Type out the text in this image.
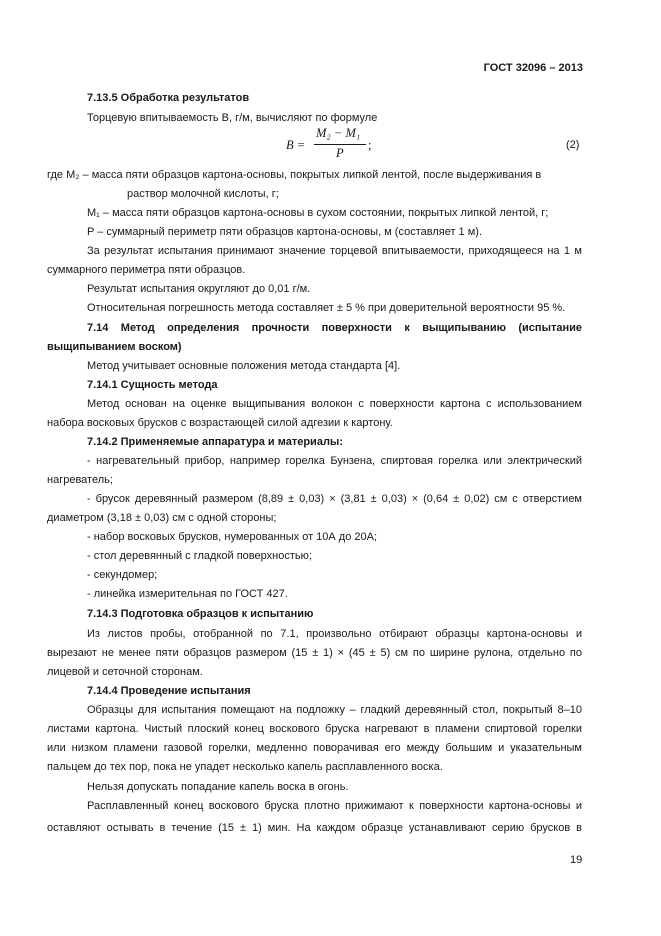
ГОСТ 32096 – 2013
7.13.5 Обработка результатов
Торцевую впитываемость В, г/м, вычисляют по формуле
B =
M₂ − M₁
P
;	(2)
где M₂ – масса пяти образцов картона-основы, покрытых липкой лентой, после выдерживания в
раствор молочной кислоты, г;
M₁ – масса пяти образцов картона-основы в сухом состоянии, покрытых липкой лентой, г;
P – суммарный периметр пяти образцов картона-основы, м (составляет 1 м).
За результат испытания принимают значение торцевой впитываемости, приходящееся на 1 м
суммарного периметра пяти образцов.
Результат испытания округляют до 0,01 г/м.
Относительная погрешность метода составляет ± 5 % при доверительной вероятности 95 %.
7.14 Метод определения прочности поверхности к выщипыванию (испытание
выщипыванием воском)
Метод учитывает основные положения метода стандарта [4].
7.14.1 Сущность метода
Метод основан на оценке выщипывания волокон с поверхности картона с использованием
набора восковых брусков с возрастающей силой адгезии к картону.
7.14.2 Применяемые аппаратура и материалы:
- нагревательный прибор, например горелка Бунзена, спиртовая горелка или электрический
нагреватель;
- брусок деревянный размером (8,89 ± 0,03) × (3,81 ± 0,03) × (0,64 ± 0,02) см с отверстием
диаметром (3,18 ± 0,03) см с одной стороны;
- набор восковых брусков, нумерованных от 10А до 20А;
- стол деревянный с гладкой поверхностью;
- секундомер;
- линейка измерительная по ГОСТ 427.
7.14.3 Подготовка образцов к испытанию
Из листов пробы, отобранной по 7.1, произвольно отбирают образцы картона-основы и
вырезают не менее пяти образцов размером (15 ± 1) × (45 ± 5) см по ширине рулона, отдельно по
лицевой и сеточной сторонам.
7.14.4 Проведение испытания
Образцы для испытания помещают на подложку – гладкий деревянный стол, покрытый 8–10
листами картона. Чистый плоский конец воскового бруска нагревают в пламени спиртовой горелки
или низком пламени газовой горелки, медленно поворачивая его между большим и указательным
пальцем до тех пор, пока не упадет несколько капель расплавленного воска.
Нельзя допускать попадание капель воска в огонь.
Расплавленный конец воскового бруска плотно прижимают к поверхности картона-основы и
оставляют остывать в течение (15 ± 1) мин. На каждом образце устанавливают серию брусков в
19
